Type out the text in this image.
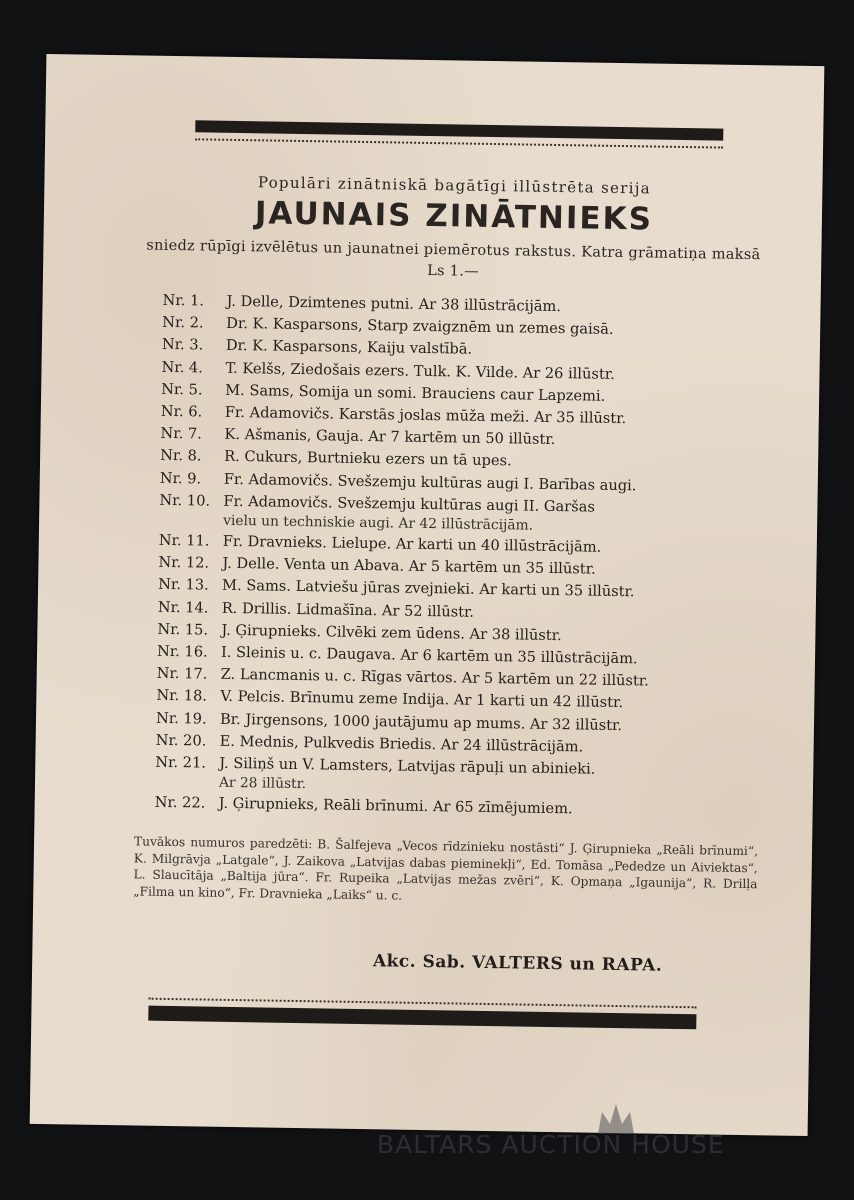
Populāri zinātniskā bagātīgi illūstrēta serija
JAUNAIS ZINĀTNIEKS
sniedz rūpīgi izvēlētus un jaunatnei piemērotus rakstus. Katra grāmatiņa maksā Ls 1.—
Nr. 1.	J. Delle, Dzimtenes putni. Ar 38 illūstrācijām.
Nr. 2.	Dr. K. Kasparsons, Starp zvaigznēm un zemes gaisā.
Nr. 3.	Dr. K. Kasparsons, Kaiju valstībā.
Nr. 4.	T. Kelšs, Ziedošais ezers. Tulk. K. Vilde. Ar 26 illūstr.
Nr. 5.	M. Sams, Somija un somi. Brauciens caur Lapzemi.
Nr. 6.	Fr. Adamovičs. Karstās joslas mūža meži. Ar 35 illūstr.
Nr. 7.	K. Ašmanis, Gauja. Ar 7 kartēm un 50 illūstr.
Nr. 8.	R. Cukurs, Burtnieku ezers un tā upes.
Nr. 9.	Fr. Adamovičs. Svešzemju kultūras augi I. Barības augi.
Nr. 10. Fr. Adamovičs. Svešzemju kultūras augi II. Garšas
vielu un techniskie augi. Ar 42 illūstrācijām.
Nr. 11. Fr. Dravnieks. Lielupe. Ar karti un 40 illūstrācijām.
Nr. 12. J. Delle. Venta un Abava. Ar 5 kartēm un 35 illūstr.
Nr. 13. M. Sams. Latviešu jūras zvejnieki. Ar karti un 35 illūstr.
Nr. 14. R. Drillis. Lidmašīna. Ar 52 illūstr.
Nr. 15. J. Ģirupnieks. Cilvēki zem ūdens. Ar 38 illūstr.
Nr. 16. I. Sleinis u. c. Daugava. Ar 6 kartēm un 35 illūstrācijām.
Nr. 17. Z. Lancmanis u. c. Rīgas vārtos. Ar 5 kartēm un 22 illūstr.
Nr. 18. V. Pelcis. Brīnumu zeme Indija. Ar 1 karti un 42 illūstr.
Nr. 19. Br. Jirgensons, 1000 jautājumu ap mums. Ar 32 illūstr.
Nr. 20. E. Mednis, Pulkvedis Briedis. Ar 24 illūstrācijām.
Nr. 21. J. Siliņš un V. Lamsters, Latvijas rāpuļi un abinieki.
Ar 28 illūstr.
Nr. 22. J. Ģirupnieks, Reāli brīnumi. Ar 65 zīmējumiem.
Tuvākos numuros paredzēti: B. Šalfejeva „Vecos rīdzinieku nostāsti“ J. Ģirupnieka „Reāli brīnumi“, K. Milgrāvja „Latgale“, J. Zaikova „Latvijas dabas pieminekļi“, Ed. Tomāsa „Pededze un Aiviektas“, L. Slaucītāja „Baltija jūra“. Fr. Rupeika „Latvijas mežas zvēri“, K. Opmaņa „Igaunija“, R. Drilļa „Filma un kino“, Fr. Dravnieka „Laiks“ u. c.
Akc. Sab. VALTERS un RAPA.
BALTARS AUCTION HOUSE
